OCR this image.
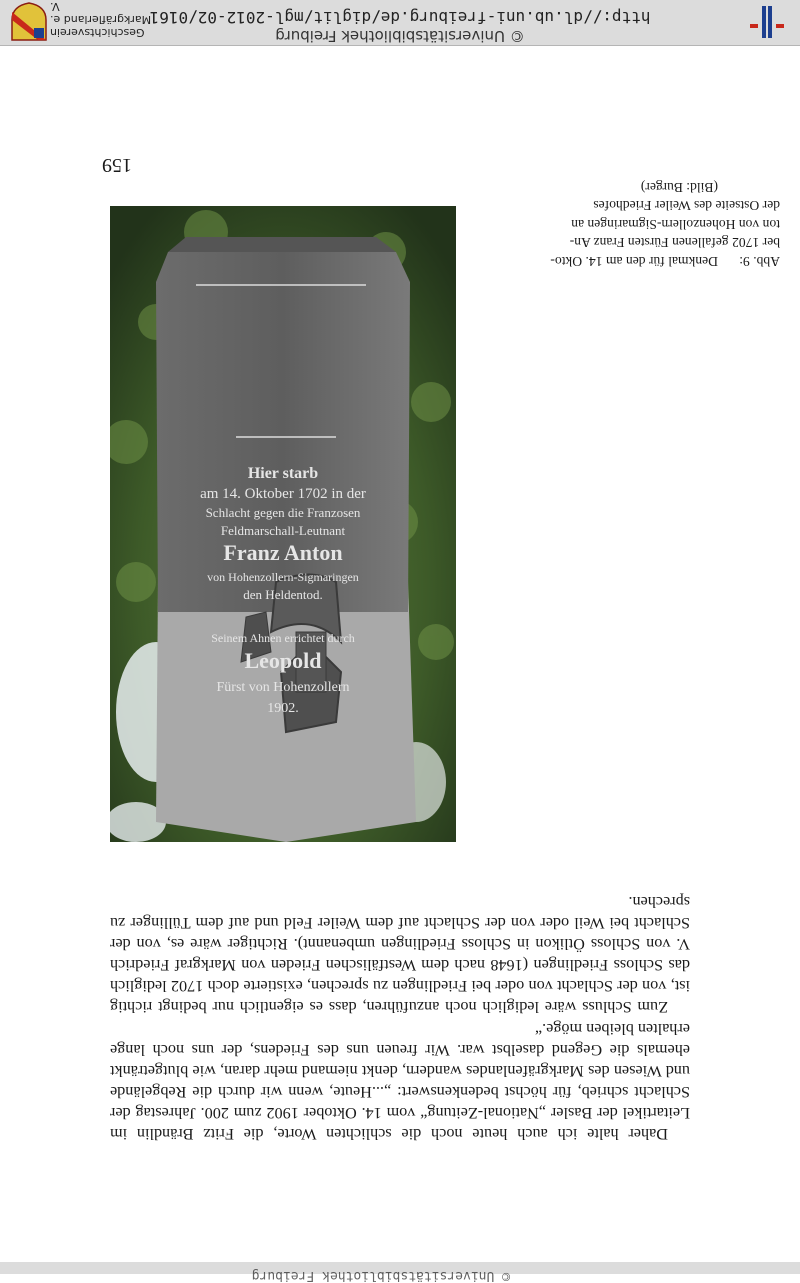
© Universitätsbibliothek Freiburg

Daher halte ich auch heute noch die schlichten Worte, die Fritz Brändlin im Leitartikel der Basler „National-Zeitung“ vom 14. Oktober 1902 zum 200. Jahrestag der Schlacht schrieb, für höchst bedenkenswert: „...Heute, wenn wir durch die Rebgelände und Wiesen des Markgräfenlandes wandern, denkt niemand mehr daran, wie blutgetränkt ehemals die Gegend daselbst war. Wir freuen uns des Friedens, der uns noch lange erhalten bleiben möge.“

Zum Schluss wäre lediglich noch anzuführen, dass es eigentlich nur bedingt richtig ist, von der Schlacht von oder bei Friedlingen zu sprechen, existierte doch 1702 lediglich das Schloss Friedlingen (1648 nach dem Westfälischen Frieden von Markgraf Friedrich V. von Schloss Ötlikon in Schloss Friedlingen umbenannt). Richtiger wäre es, von der Schlacht bei Weil oder von der Schlacht auf dem Weiler Feld und auf dem Tüllinger zu sprechen.

Hier starb
am 14. Oktober 1702 in der
Schlacht gegen die Franzosen
Feldmarschall-Leutnant
Franz Anton
von Hohenzollern-Sigmaringen
den Heldentod.
Seinem Ahnen errichtet durch
Leopold
Fürst von Hohenzollern
1902.
Abb. 9:Denkmal für den am 14. Okto-
ber 1702 gefallenen Fürsten Franz An-
ton von Hohenzollern-Sigmaringen an
der Ostseite des Weiler Friedhofes
(Bild: Burger)
159
© Universitätsbibliothek Freiburg
http://dl.ub.uni-freiburg.de/diglit/mgl-2012-02/0161
Geschichtsverein
Markgräflerland e. V.
